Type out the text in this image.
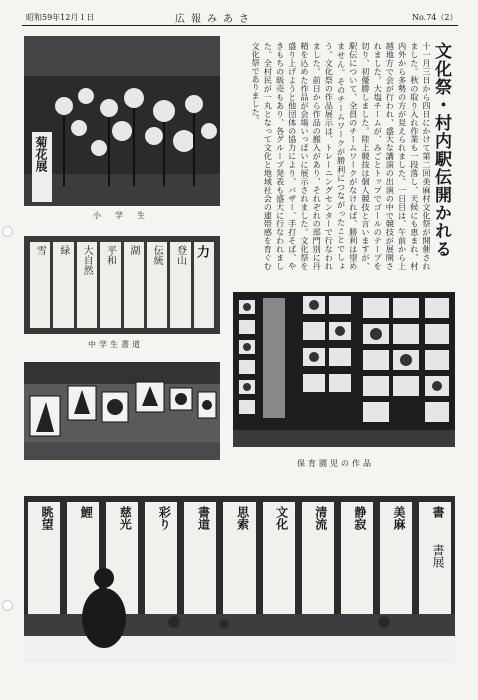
昭和59年12月１日	広報みあさ	No.74（2）
菊花展
小　学　生
雪	緑	大自然	平和	湖	伝統	登山 力
中学生書道
文化祭・村内駅伝開かれる
十一月三日から四日にかけて第二回美麻村文化祭が開催されました。秋の取り入れ作業も一段落し、天候にも恵まれ、村内外から多勢の方が見えられました。一日目は、午前から上越地方で会が行われ、盛大な講演の出演の中で競技が展開されました。大塩チームが、みごとトップでゴールのテープを切り、初優勝しました。陸上競技は個人競技と言いますが、駅伝について、全員のチームワークがなければ、勝利は望めません。そのチームワークが勝利につながったことでしょう。文化祭の作品展示は、トレーニングセンターで行なわれました。前日から作品の搬入があり、それぞれの部門別に丹精を込めた作品が会場いっぱいに展示されました。文化祭を盛り上げようと他団体の協力により、バザー、手打そば、やきもちの販売もあり、各グループ発表も盛大に行なわれました。全村民が一丸となって文化と地域社会の連帯感を育ぐむ文化祭でありました。
保育園児の作品
眺望	鯉	慈光	彩り	書道	思索	文化	清流	静寂	美麻	書
書展
